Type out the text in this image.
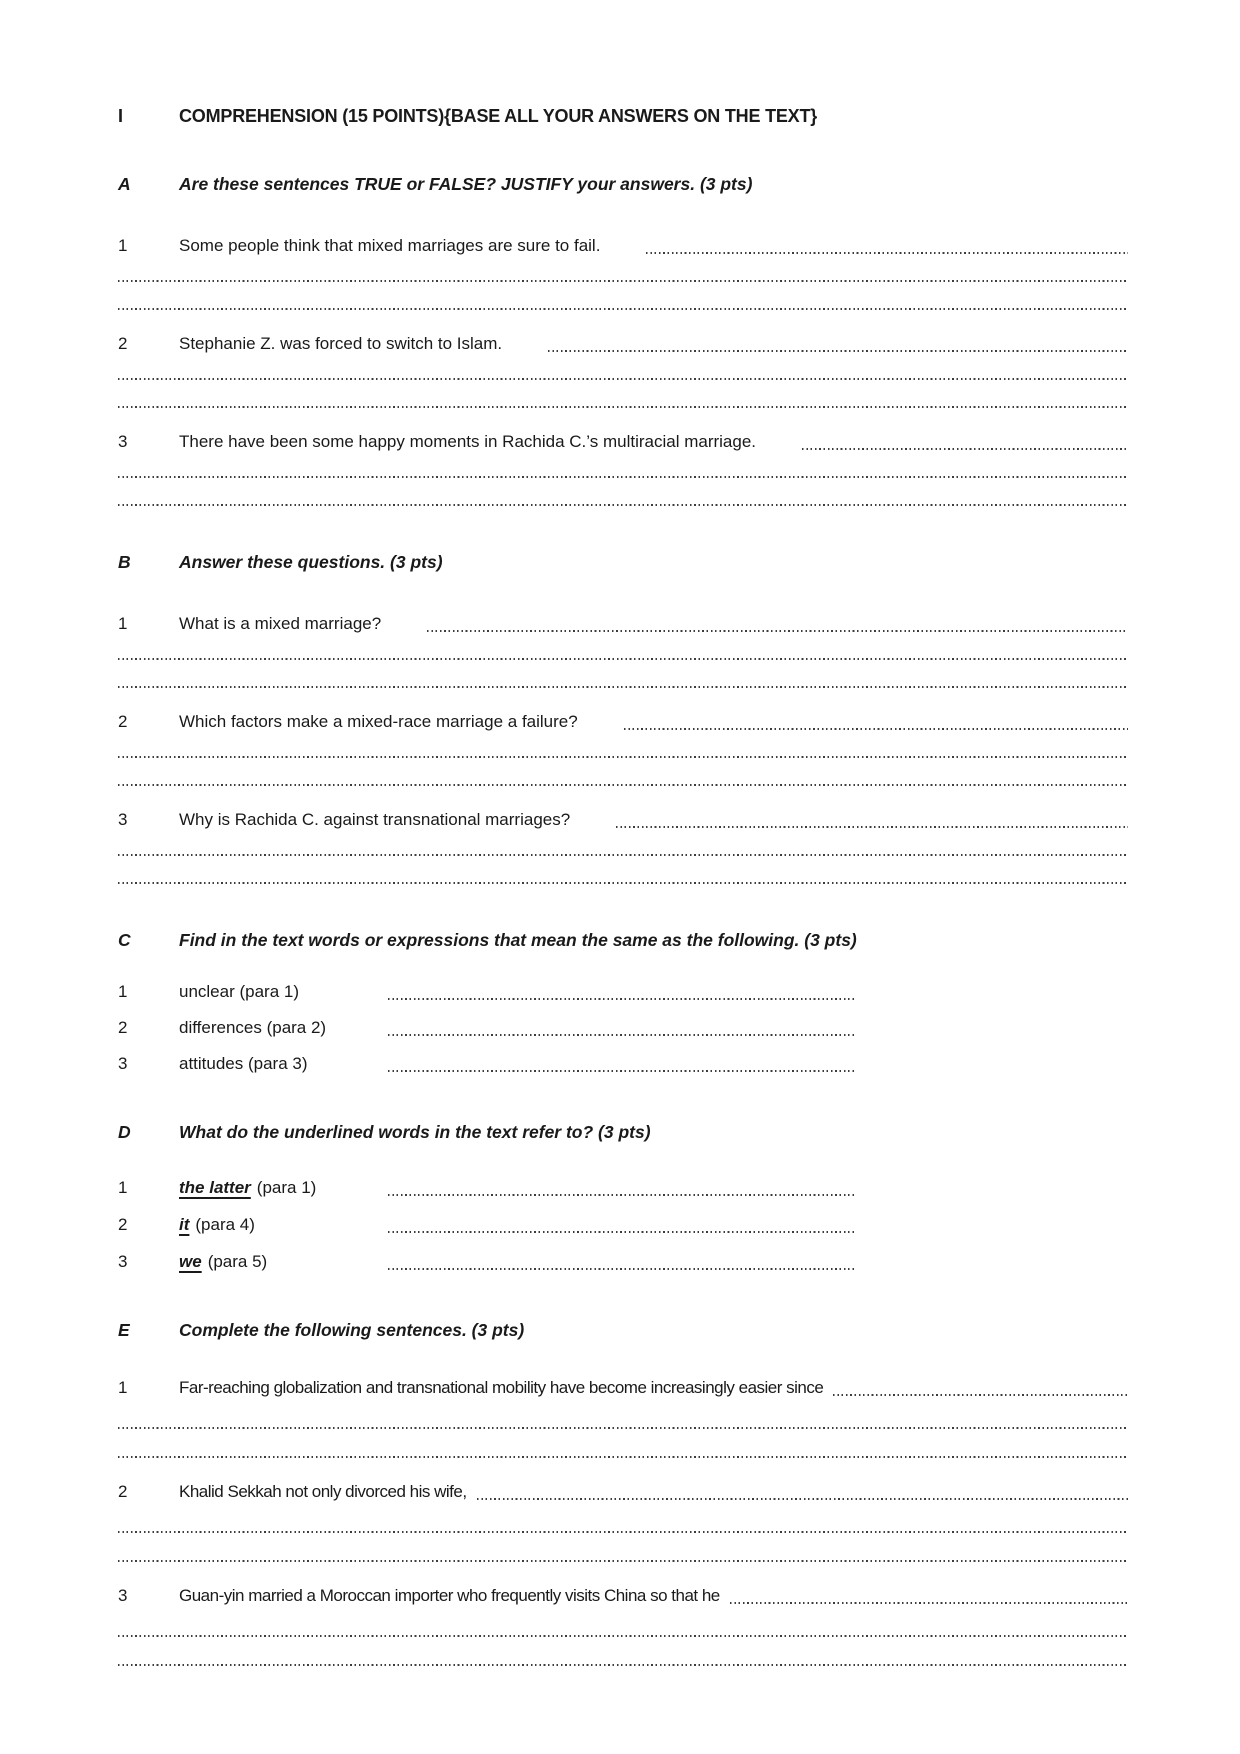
I	COMPREHENSION (15 POINTS){BASE ALL YOUR ANSWERS ON THE TEXT}
A	Are these sentences TRUE or FALSE? JUSTIFY your answers. (3 pts)
1	Some people think that mixed marriages are sure to fail.
2	Stephanie Z. was forced to switch to Islam.
3	There have been some happy moments in Rachida C.’s multiracial marriage.
B	Answer these questions. (3 pts)
1	What is a mixed marriage?
2	Which factors make a mixed-race marriage a failure?
3	Why is Rachida C. against transnational marriages?
C	Find in the text words or expressions that mean the same as the following. (3 pts)
1	unclear (para 1)
2	differences (para 2)
3	attitudes (para 3)
D	What do the underlined words in the text refer to? (3 pts)
1	the latter (para 1)
2	it (para 4)
3	we (para 5)
E	Complete the following sentences. (3 pts)
1	Far-reaching globalization and transnational mobility have become increasingly easier since
2	Khalid Sekkah not only divorced his wife,
3	Guan-yin married a Moroccan importer who frequently visits China so that he
